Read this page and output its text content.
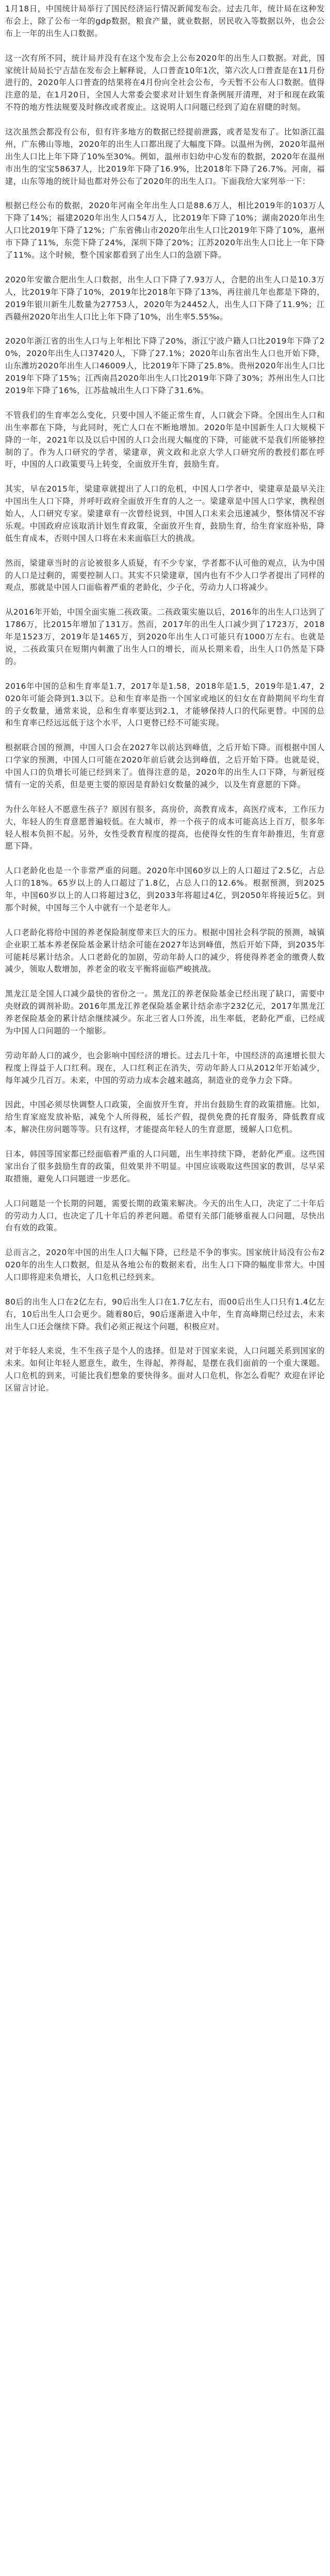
1月18日，中国统计局举行了国民经济运行情况新闻发布会。过去几年，统计局在这种发布会上，除了公布一年的gdp数据，粮食产量，就业数据，居民收入等数据以外，也会公布上一年的出生人口数据。

这一次有所不同，统计局并没有在这个发布会上公布2020年的出生人口数据。对此，国家统计局局长宁吉喆在发布会上解释说，人口普查10年1次，第六次人口普查是在11月份进行的，2020年人口普查的结果将在4月份向全社会公布，今天暂不公布人口数据。值得注意的是，在1月20日，全国人大常委会要求对计划生育条例展开清理，对于和现在政策不符的地方性法规要及时修改或者废止。这说明人口问题已经到了迫在眉睫的时刻。

这次虽然会都没有公布，但有许多地方的数据已经提前泄露，或者是发布了。比如浙江温州，广东佛山等地，2020年的出生人口都出现了大幅度下降。以温州为例，2020年温州出生人口比上年下降了10%至30%。例如，温州市妇幼中心发布的数据，2020年在温州市出生的宝宝58637人，比2019年下降了16.9%，比2018年下降了26.7%。河南，福建，山东等地的统计局也都对外公布了2020年的出生人口。下面我给大家列举一下：

根据已经公布的数据，2020年河南全年出生人口是88.6万人，相比2019年的103万人下降了14%；福建2020年出生人口54万人，比2019年下降了10%；湖南2020年出生人口比2019年下降了12%；广东省佛山市2020年出生人口比2019年下降了10%，惠州市下降了11%，东莞下降了24%，深圳下降了20%；江苏2020年出生人口比上一年下降了11%。这个时候，整个国家都看到了出生人口的急剧下降。

2020年安徽合肥出生人口数据，出生人口下降了7.93万人，合肥的出生人口是10.3万人，比2019年下降了10%，2019年比2018年下降了13%，再往前几年也都是下降的，2019年银川新生儿数量为27753人，2020年为24452人，出生人口下降了11.9%；江西赣州2020年出生人口比上年下降了10%，出生率5.55‰。

2020年浙江省的出生人口与上年相比下降了20%，浙江宁波户籍人口比2019年下降了20%，2020年出生人口37420人，下降了27.1%；2020年山东省出生人口也开始下降，山东潍坊2020年出生人口46009人，比2019年下降了25.8%。贵州2020年出生人口比2019年下降了15%；江西南昌2020年出生人口比2019年下降了30%；苏州出生人口比2019年下降了16%，江苏盐城出生人口下降了31.6%。

不管我们的生育率怎么变化，只要中国人不能正常生育，人口就会下降。全国出生人口和出生率都在下降，与此同时，死亡人口在不断地增加。2020年是中国新生人口大规模下降的一年，2021年以及以后中国的人口会出现大幅度的下降，可能就不是我们所能够控制的了。作为人口研究的学者，梁建章，黄文政和北京大学人口研究所的教授们都在呼吁，中国的人口政策要马上转变，全面放开生育，鼓励生育。

其实，早在2015年，梁建章就提出了人口的危机，中国人口学者中，梁建章是最早关注中国出生人口下降，并呼吁政府全面放开生育的人之一。梁建章是中国人口学家，携程创始人，人口研究专家。梁建章有一次曾经说到，中国人口未来会迅速减少，整体情况不容乐观。中国政府应该取消计划生育政策，全面放开生育，鼓励生育，给生育家庭补贴，降低生育成本，否则中国人口将在未来面临巨大的挑战。

然而，梁建章当时的言论被很多人质疑，有不少专家，学者都不认可他的观点，认为中国的人口是过剩的，需要控制人口。其实不只梁建章，国内也有不少人口学者提出了同样的观点，那就是中国人口面临着严重的老龄化，少子化，劳动力人口将减少。

从2016年开始，中国全面实施二孩政策。二孩政策实施以后，2016年的出生人口达到了1786万，比2015年增加了131万。然而，2017年的出生人口减少到了1723万，2018年是1523万，2019年是1465万，到2020年出生人口可能只有1000万左右。也就是说，二孩政策只在短期内刺激了出生人口的增长，而从长期来看，出生人口仍然是下降的。

2016年中国的总和生育率是1.7，2017年是1.58，2018年是1.5，2019年是1.47，2020年可能会降到1.3以下。总和生育率是指一个国家或地区的妇女在育龄期间平均生育的子女数量，通常来说，总和生育率要达到2.1，才能够保持人口的代际更替。中国的总和生育率已经远远低于这个水平，人口更替已经不可能实现。

根据联合国的预测，中国人口会在2027年以前达到峰值，之后开始下降。而根据中国人口学家的预测，中国人口可能在2020年前后就会达到峰值，之后开始下降。也就是说，中国人口的负增长可能已经到来了。值得注意的是，2020年的出生人口下降，与新冠疫情有一定的关系，但是更主要的原因是育龄妇女数量的减少，以及生育意愿的下降。

为什么年轻人不愿意生孩子？原因有很多，高房价，高教育成本，高医疗成本，工作压力大，年轻人的生育意愿普遍较低。在大城市，养一个孩子的成本可能高达上百万，很多年轻人根本负担不起。另外，女性受教育程度的提高，也使得女性的生育年龄推迟，生育意愿下降。

人口老龄化也是一个非常严重的问题。2020年中国60岁以上的人口超过了2.5亿，占总人口的18%。65岁以上的人口超过了1.8亿，占总人口的12.6%。根据预测，到2025年，中国60岁以上的人口将超过3亿，到2033年将超过4亿，到2050年将接近5亿。到那个时候，中国每三个人中就有一个是老年人。

人口老龄化将给中国的养老保险制度带来巨大的压力。根据中国社会科学院的预测，城镇企业职工基本养老保险基金累计结余可能在2027年达到峰值，然后开始下降，到2035年可能耗尽累计结余。人口老龄化的加剧，劳动年龄人口的减少，将使得养老金的缴费人数减少，领取人数增加，养老金的收支平衡将面临严峻挑战。

黑龙江是全国人口减少最快的省份之一。黑龙江的养老保险基金已经出现了缺口，需要中央财政的调剂补助。2016年黑龙江养老保险基金累计结余赤字232亿元，2017年黑龙江养老保险基金的累计结余继续减少。东北三省人口外流，出生率低，老龄化严重，已经成为中国人口问题的一个缩影。

劳动年龄人口的减少，也会影响中国经济的增长。过去几十年，中国经济的高速增长很大程度上得益于人口红利。现在，人口红利正在消失，劳动年龄人口从2012年开始减少，每年减少几百万。未来，中国的劳动力成本会越来越高，制造业的竞争力会下降。

因此，中国必须尽快调整人口政策，全面放开生育，并出台鼓励生育的政策措施。比如，给生育家庭发放补贴，减免个人所得税，延长产假，提供免费的托育服务，降低教育成本，解决住房问题等等。只有这样，才能提高年轻人的生育意愿，缓解人口危机。

日本，韩国等国家都已经面临着严重的人口问题，出生率持续下降，老龄化严重。这些国家出台了很多鼓励生育的政策，但效果并不明显。中国应该吸取这些国家的教训，尽早采取措施，避免人口问题进一步恶化。

人口问题是一个长期的问题，需要长期的政策来解决。今天的出生人口，决定了二十年后的劳动力人口，也决定了几十年后的养老问题。希望有关部门能够重视人口问题，尽快出台有效的政策。

总而言之，2020年中国的出生人口大幅下降，已经是不争的事实。国家统计局没有公布2020年的出生人口数据，但是从各地公布的数据来看，出生人口下降的幅度非常大。中国人口即将迎来负增长，人口危机已经到来。

80后的出生人口在2亿左右，90后出生人口在1.7亿左右，而00后出生人口只有1.4亿左右，10后出生人口会更少。随着80后，90后逐渐进入中年，生育高峰期已经过去，未来出生人口还会继续下降。我们必须正视这个问题，积极应对。

对于年轻人来说，生不生孩子是个人的选择。但是对于国家来说，人口问题关系到国家的未来。如何让年轻人愿意生，敢生，生得起，养得起，是摆在我们面前的一个重大课题。人口危机的到来，可能比我们想象的要快得多。面对人口危机，你怎么看呢？欢迎在评论区留言讨论。
